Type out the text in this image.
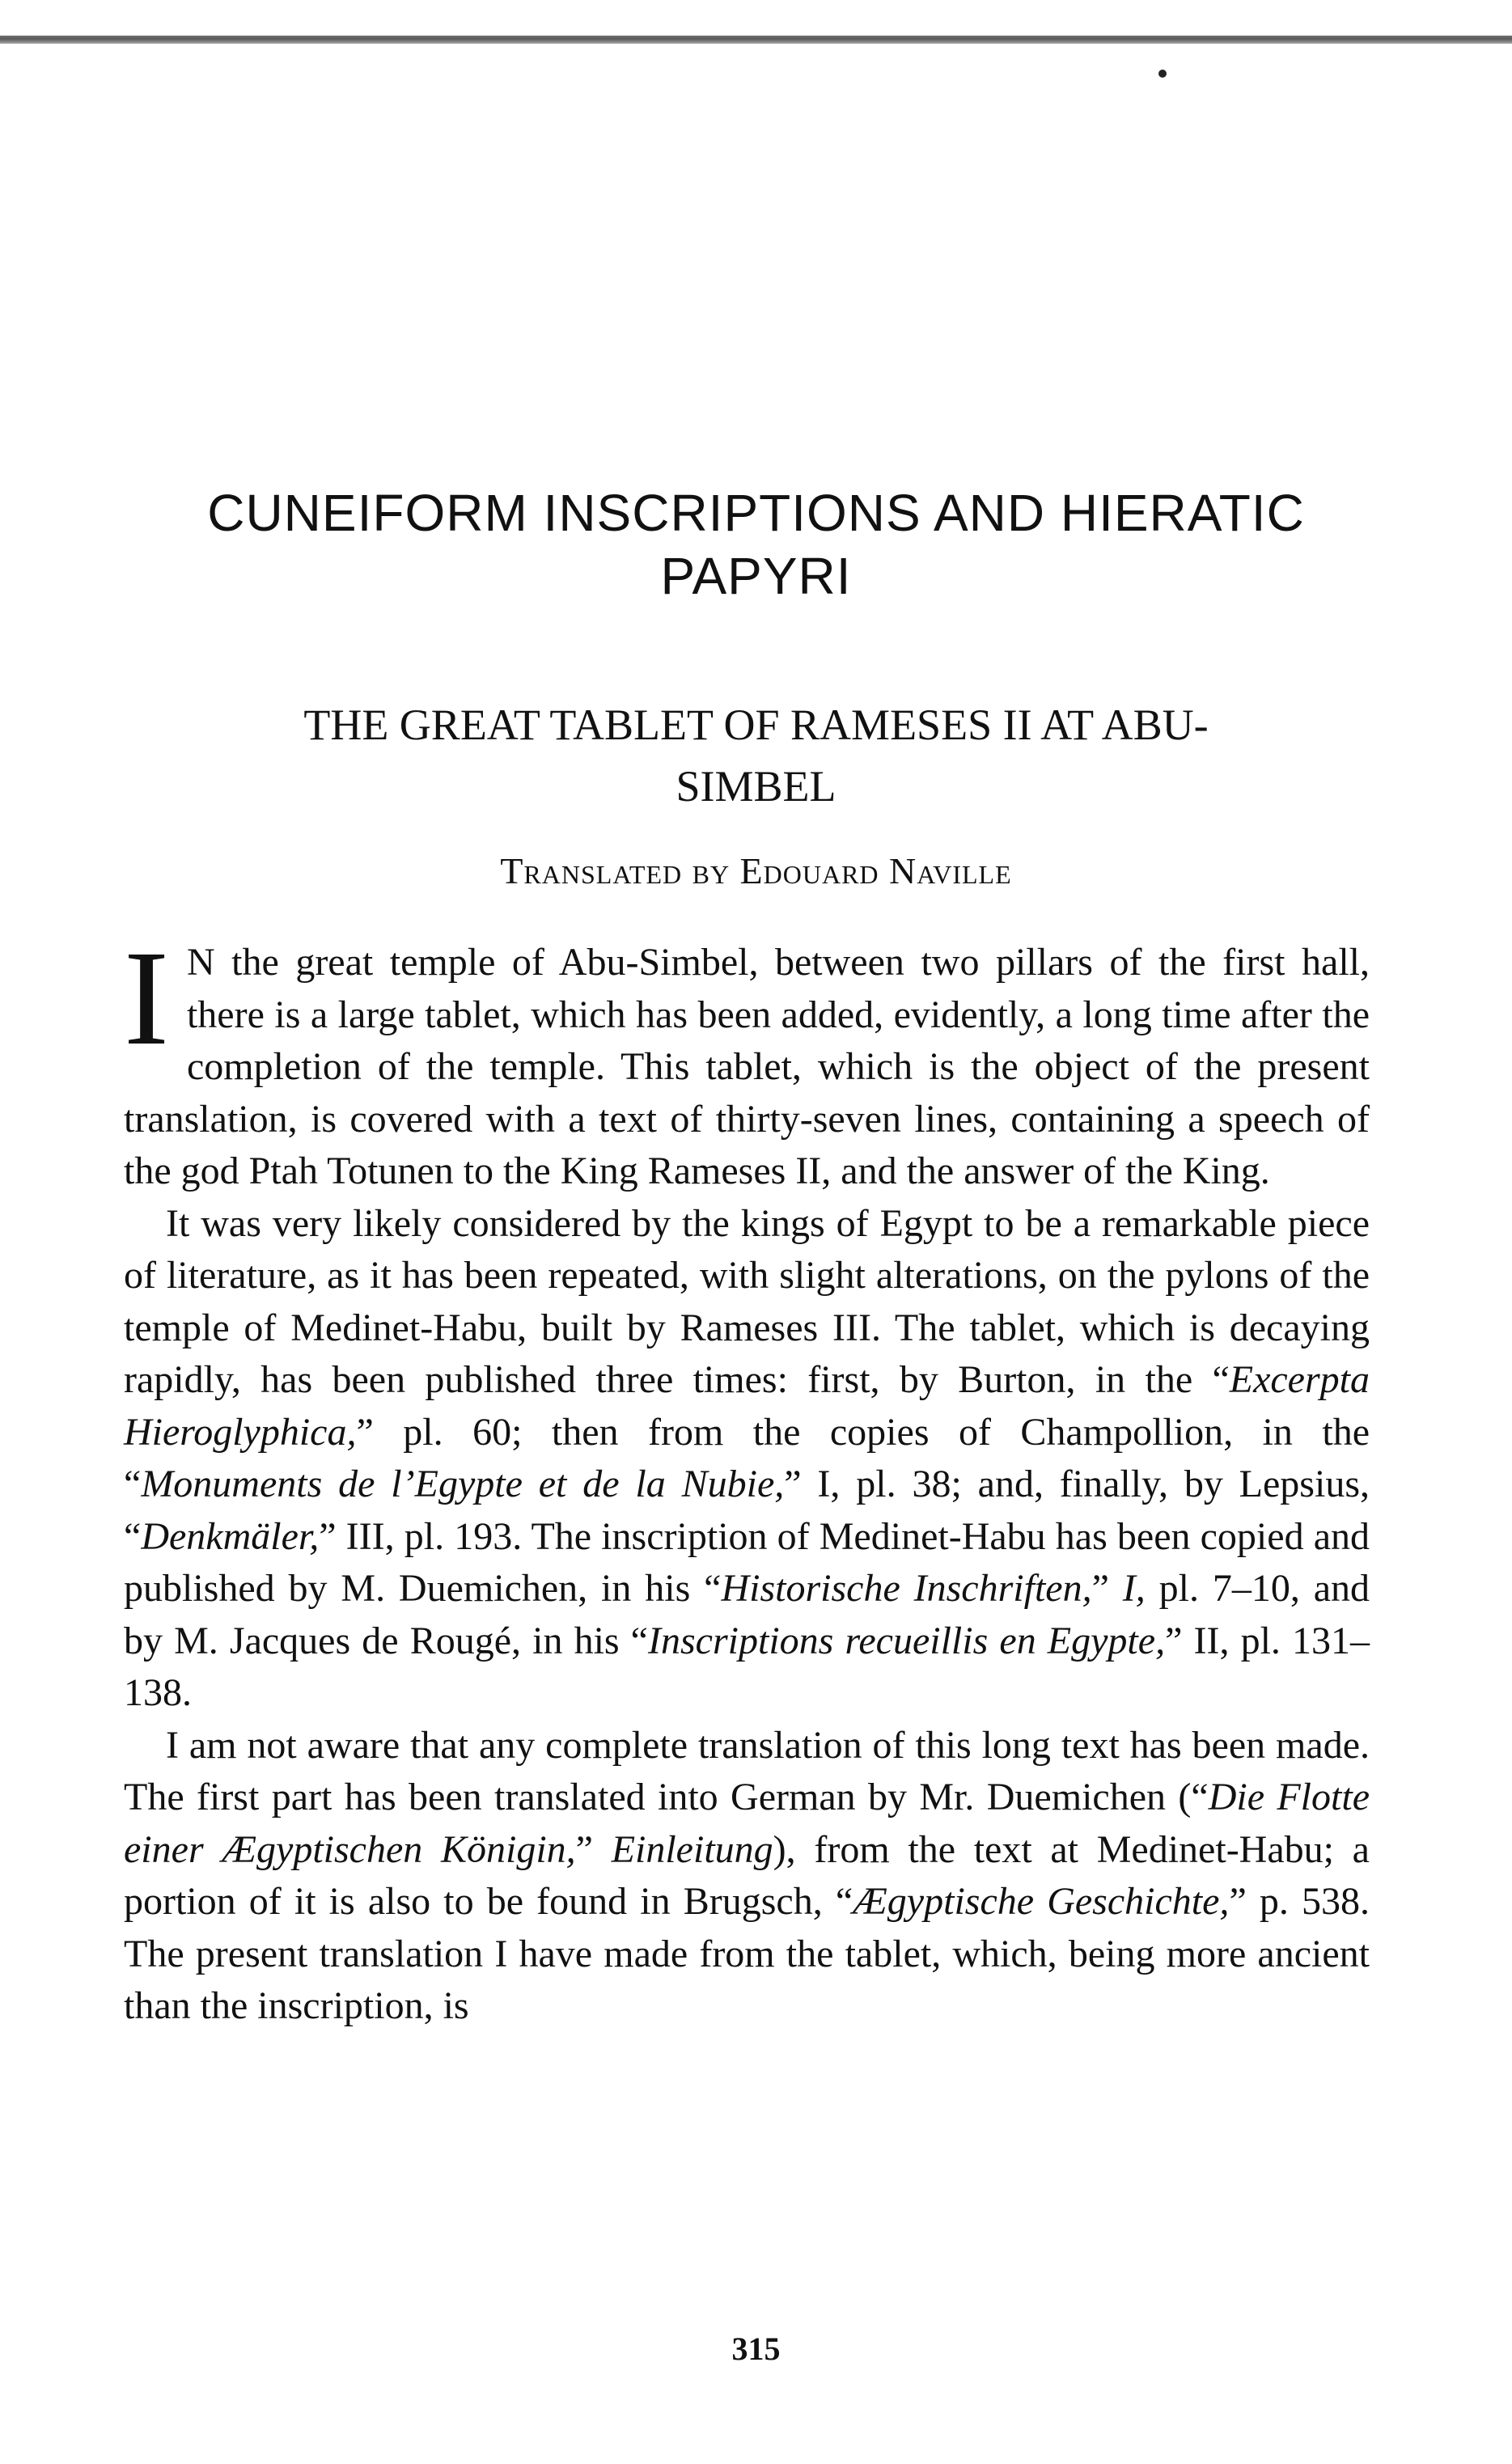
CUNEIFORM INSCRIPTIONS AND HIERATIC
PAPYRI
THE GREAT TABLET OF RAMESES II AT ABU-
SIMBEL

Translated by Edouard Naville

I N the great temple of Abu-Simbel, between two pillars of the first hall, there is a large tablet, which has been added, evidently, a long time after the completion of the temple. This tablet, which is the object of the present translation, is covered with a text of thirty-seven lines, containing a speech of the god Ptah Totunen to the King Rameses II, and the answer of the King.

It was very likely considered by the kings of Egypt to be a remarkable piece of literature, as it has been repeated, with slight alterations, on the pylons of the temple of Medinet-Habu, built by Rameses III. The tablet, which is decaying rapidly, has been published three times: first, by Burton, in the “Excerpta Hieroglyphica,” pl. 60; then from the copies of Champollion, in the “Monuments de l’Egypte et de la Nubie,” I, pl. 38; and, finally, by Lepsius, “Denkmäler,” III, pl. 193. The inscription of Medinet-Habu has been copied and published by M. Duemichen, in his “Historische Inschriften,” I, pl. 7–10, and by M. Jacques de Rougé, in his “Inscriptions recueillis en Egypte,” II, pl. 131–138.

I am not aware that any complete translation of this long text has been made. The first part has been translated into German by Mr. Duemichen (“Die Flotte einer Ægyptischen Königin,” Einleitung), from the text at Medinet-Habu; a portion of it is also to be found in Brugsch, “Ægyptische Geschichte,” p. 538. The present translation I have made from the tablet, which, being more ancient than the inscription, is

315
